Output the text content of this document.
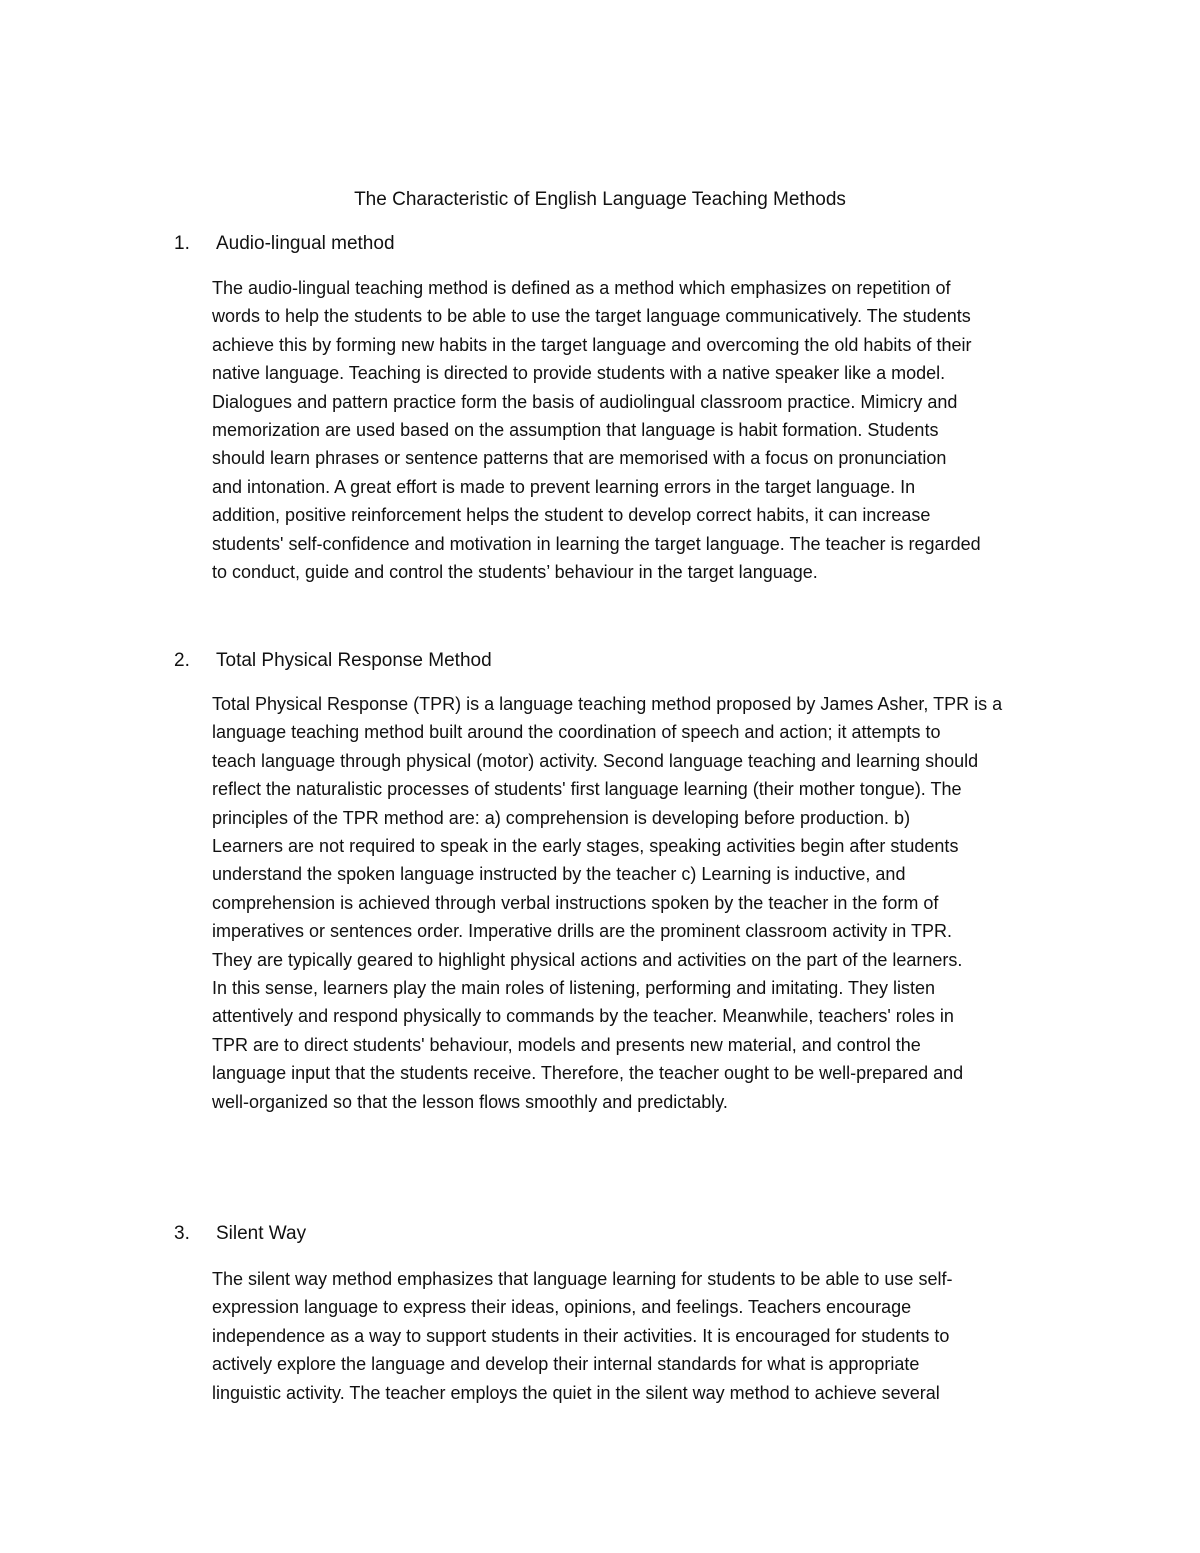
The Characteristic of English Language Teaching Methods
1. Audio-lingual method
The audio-lingual teaching method is defined as a method which emphasizes on repetition of
words to help the students to be able to use the target language communicatively. The students
achieve this by forming new habits in the target language and overcoming the old habits of their
native language. Teaching is directed to provide students with a native speaker like a model.
Dialogues and pattern practice form the basis of audiolingual classroom practice. Mimicry and
memorization are used based on the assumption that language is habit formation. Students
should learn phrases or sentence patterns that are memorised with a focus on pronunciation
and intonation. A great effort is made to prevent learning errors in the target language. In
addition, positive reinforcement helps the student to develop correct habits, it can increase
students' self-confidence and motivation in learning the target language. The teacher is regarded
to conduct, guide and control the students’ behaviour in the target language.
2. Total Physical Response Method
Total Physical Response (TPR) is a language teaching method proposed by James Asher, TPR is a
language teaching method built around the coordination of speech and action; it attempts to
teach language through physical (motor) activity. Second language teaching and learning should
reflect the naturalistic processes of students' first language learning (their mother tongue). The
principles of the TPR method are: a) comprehension is developing before production. b)
Learners are not required to speak in the early stages, speaking activities begin after students
understand the spoken language instructed by the teacher c) Learning is inductive, and
comprehension is achieved through verbal instructions spoken by the teacher in the form of
imperatives or sentences order. Imperative drills are the prominent classroom activity in TPR.
They are typically geared to highlight physical actions and activities on the part of the learners.
In this sense, learners play the main roles of listening, performing and imitating. They listen
attentively and respond physically to commands by the teacher. Meanwhile, teachers' roles in
TPR are to direct students' behaviour, models and presents new material, and control the
language input that the students receive. Therefore, the teacher ought to be well-prepared and
well-organized so that the lesson flows smoothly and predictably.
3. Silent Way
The silent way method emphasizes that language learning for students to be able to use self-
expression language to express their ideas, opinions, and feelings. Teachers encourage
independence as a way to support students in their activities. It is encouraged for students to
actively explore the language and develop their internal standards for what is appropriate
linguistic activity. The teacher employs the quiet in the silent way method to achieve several
